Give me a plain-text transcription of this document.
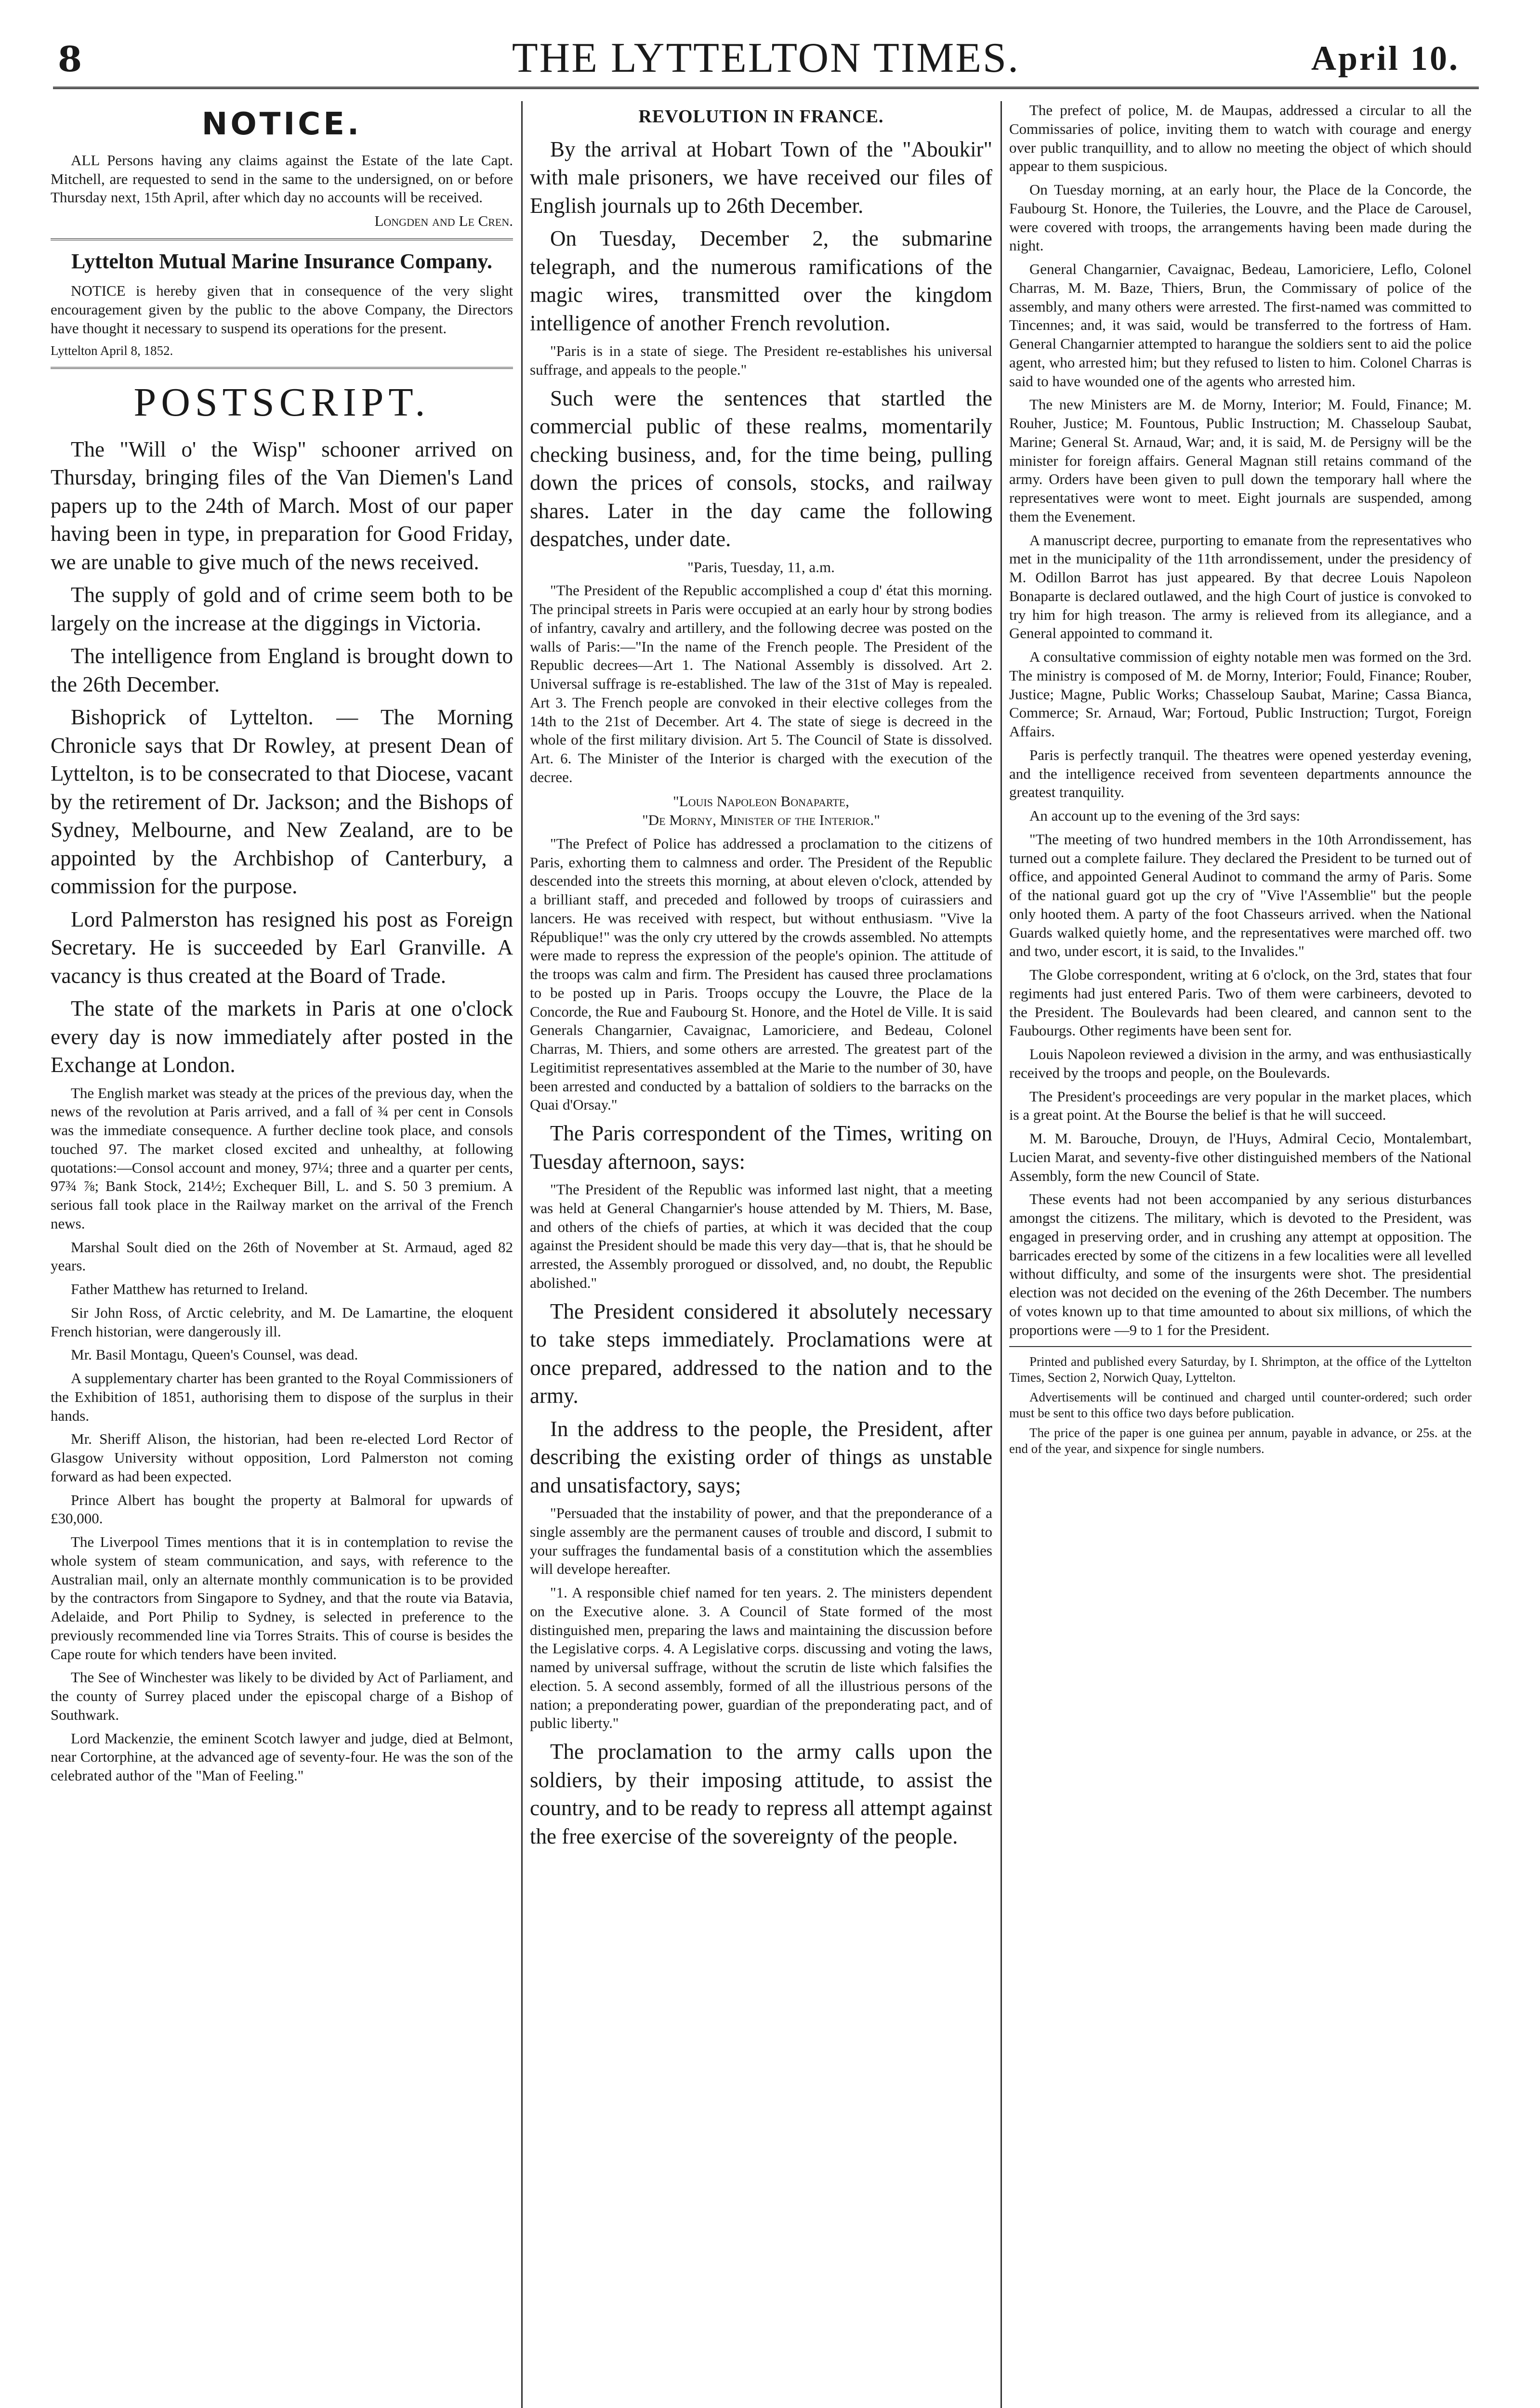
8	THE LYTTELTON TIMES.	April 10.
NOTICE.

ALL Persons having any claims against the Estate of the late Capt. Mitchell, are requested to send in the same to the undersigned, on or before Thursday next, 15th April, after which day no accounts will be received.

Longden and Le Cren.

Lyttelton Mutual Marine Insurance Company.

NOTICE is hereby given that in consequence of the very slight encouragement given by the public to the above Company, the Directors have thought it necessary to suspend its operations for the present.

Lyttelton April 8, 1852.

POSTSCRIPT.

The "Will o' the Wisp" schooner arrived on Thursday, bringing files of the Van Diemen's Land papers up to the 24th of March. Most of our paper having been in type, in preparation for Good Friday, we are unable to give much of the news received.

The supply of gold and of crime seem both to be largely on the increase at the diggings in Victoria.

The intelligence from England is brought down to the 26th December.

Bishoprick of Lyttelton. — The Morning Chronicle says that Dr Rowley, at present Dean of Lyttelton, is to be consecrated to that Diocese, vacant by the retirement of Dr. Jackson; and the Bishops of Sydney, Melbourne, and New Zealand, are to be appointed by the Archbishop of Canterbury, a commission for the purpose.

Lord Palmerston has resigned his post as Foreign Secretary. He is succeeded by Earl Granville. A vacancy is thus created at the Board of Trade.

The state of the markets in Paris at one o'clock every day is now immediately after posted in the Exchange at London.

The English market was steady at the prices of the previous day, when the news of the revolution at Paris arrived, and a fall of ¾ per cent in Consols was the immediate consequence. A further decline took place, and consols touched 97. The market closed excited and unhealthy, at following quotations:—Consol account and money, 97¼; three and a quarter per cents, 97¾ ⅞; Bank Stock, 214½; Exchequer Bill, L. and S. 50 3 premium. A serious fall took place in the Railway market on the arrival of the French news.

Marshal Soult died on the 26th of November at St. Armaud, aged 82 years.

Father Matthew has returned to Ireland.

Sir John Ross, of Arctic celebrity, and M. De Lamartine, the eloquent French historian, were dangerously ill.

Mr. Basil Montagu, Queen's Counsel, was dead.

A supplementary charter has been granted to the Royal Commissioners of the Exhibition of 1851, authorising them to dispose of the surplus in their hands.

Mr. Sheriff Alison, the historian, had been re-elected Lord Rector of Glasgow University without opposition, Lord Palmerston not coming forward as had been expected.

Prince Albert has bought the property at Balmoral for upwards of £30,000.

The Liverpool Times mentions that it is in contemplation to revise the whole system of steam communication, and says, with reference to the Australian mail, only an alternate monthly communication is to be provided by the contractors from Singapore to Sydney, and that the route via Batavia, Adelaide, and Port Philip to Sydney, is selected in preference to the previously recommended line via Torres Straits. This of course is besides the Cape route for which tenders have been invited.

The See of Winchester was likely to be divided by Act of Parliament, and the county of Surrey placed under the episcopal charge of a Bishop of Southwark.

Lord Mackenzie, the eminent Scotch lawyer and judge, died at Belmont, near Cortorphine, at the advanced age of seventy-four. He was the son of the celebrated author of the "Man of Feeling."

REVOLUTION IN FRANCE.

By the arrival at Hobart Town of the "Aboukir" with male prisoners, we have received our files of English journals up to 26th December.

On Tuesday, December 2, the submarine telegraph, and the numerous ramifications of the magic wires, transmitted over the kingdom intelligence of another French revolution.

"Paris is in a state of siege. The President re-establishes his universal suffrage, and appeals to the people."

Such were the sentences that startled the commercial public of these realms, momentarily checking business, and, for the time being, pulling down the prices of consols, stocks, and railway shares. Later in the day came the following despatches, under date.

"Paris, Tuesday, 11, a.m.

"The President of the Republic accomplished a coup d' état this morning. The principal streets in Paris were occupied at an early hour by strong bodies of infantry, cavalry and artillery, and the following decree was posted on the walls of Paris:—"In the name of the French people. The President of the Republic decrees—Art 1. The National Assembly is dissolved. Art 2. Universal suffrage is re-established. The law of the 31st of May is repealed. Art 3. The French people are convoked in their elective colleges from the 14th to the 21st of December. Art 4. The state of siege is decreed in the whole of the first military division. Art 5. The Council of State is dissolved. Art. 6. The Minister of the Interior is charged with the execution of the decree.

"Louis Napoleon Bonaparte,

"De Morny, Minister of the Interior."

"The Prefect of Police has addressed a proclamation to the citizens of Paris, exhorting them to calmness and order. The President of the Republic descended into the streets this morning, at about eleven o'clock, attended by a brilliant staff, and preceded and followed by troops of cuirassiers and lancers. He was received with respect, but without enthusiasm. "Vive la République!" was the only cry uttered by the crowds assembled. No attempts were made to repress the expression of the people's opinion. The attitude of the troops was calm and firm. The President has caused three proclamations to be posted up in Paris. Troops occupy the Louvre, the Place de la Concorde, the Rue and Faubourg St. Honore, and the Hotel de Ville. It is said Generals Changarnier, Cavaignac, Lamoriciere, and Bedeau, Colonel Charras, M. Thiers, and some others are arrested. The greatest part of the Legitimitist representatives assembled at the Marie to the number of 30, have been arrested and conducted by a battalion of soldiers to the barracks on the Quai d'Orsay."

The Paris correspondent of the Times, writing on Tuesday afternoon, says:

"The President of the Republic was informed last night, that a meeting was held at General Changarnier's house attended by M. Thiers, M. Base, and others of the chiefs of parties, at which it was decided that the coup against the President should be made this very day—that is, that he should be arrested, the Assembly prorogued or dissolved, and, no doubt, the Republic abolished."

The President considered it absolutely necessary to take steps immediately. Proclamations were at once prepared, addressed to the nation and to the army.

In the address to the people, the President, after describing the existing order of things as unstable and unsatisfactory, says;

"Persuaded that the instability of power, and that the preponderance of a single assembly are the permanent causes of trouble and discord, I submit to your suffrages the fundamental basis of a constitution which the assemblies will develope hereafter.

"1. A responsible chief named for ten years. 2. The ministers dependent on the Executive alone. 3. A Council of State formed of the most distinguished men, preparing the laws and maintaining the discussion before the Legislative corps. 4. A Legislative corps. discussing and voting the laws, named by universal suffrage, without the scrutin de liste which falsifies the election. 5. A second assembly, formed of all the illustrious persons of the nation; a preponderating power, guardian of the preponderating pact, and of public liberty."

The proclamation to the army calls upon the soldiers, by their imposing attitude, to assist the country, and to be ready to repress all attempt against the free exercise of the sovereignty of the people.

The prefect of police, M. de Maupas, addressed a circular to all the Commissaries of police, inviting them to watch with courage and energy over public tranquillity, and to allow no meeting the object of which should appear to them suspicious.

On Tuesday morning, at an early hour, the Place de la Concorde, the Faubourg St. Honore, the Tuileries, the Louvre, and the Place de Carousel, were covered with troops, the arrangements having been made during the night.

General Changarnier, Cavaignac, Bedeau, Lamoriciere, Leflo, Colonel Charras, M. M. Baze, Thiers, Brun, the Commissary of police of the assembly, and many others were arrested. The first-named was committed to Tincennes; and, it was said, would be transferred to the fortress of Ham. General Changarnier attempted to harangue the soldiers sent to aid the police agent, who arrested him; but they refused to listen to him. Colonel Charras is said to have wounded one of the agents who arrested him.

The new Ministers are M. de Morny, Interior; M. Fould, Finance; M. Rouher, Justice; M. Fountous, Public Instruction; M. Chasseloup Saubat, Marine; General St. Arnaud, War; and, it is said, M. de Persigny will be the minister for foreign affairs. General Magnan still retains command of the army. Orders have been given to pull down the temporary hall where the representatives were wont to meet. Eight journals are suspended, among them the Evenement.

A manuscript decree, purporting to emanate from the representatives who met in the municipality of the 11th arrondissement, under the presidency of M. Odillon Barrot has just appeared. By that decree Louis Napoleon Bonaparte is declared outlawed, and the high Court of justice is convoked to try him for high treason. The army is relieved from its allegiance, and a General appointed to command it.

A consultative commission of eighty notable men was formed on the 3rd. The ministry is composed of M. de Morny, Interior; Fould, Finance; Rouber, Justice; Magne, Public Works; Chasseloup Saubat, Marine; Cassa Bianca, Commerce; Sr. Arnaud, War; Fortoud, Public Instruction; Turgot, Foreign Affairs.

Paris is perfectly tranquil. The theatres were opened yesterday evening, and the intelligence received from seventeen departments announce the greatest tranquility.

An account up to the evening of the 3rd says:

"The meeting of two hundred members in the 10th Arrondissement, has turned out a complete failure. They declared the President to be turned out of office, and appointed General Audinot to command the army of Paris. Some of the national guard got up the cry of "Vive l'Assemblie" but the people only hooted them. A party of the foot Chasseurs arrived. when the National Guards walked quietly home, and the representatives were marched off. two and two, under escort, it is said, to the Invalides."

The Globe correspondent, writing at 6 o'clock, on the 3rd, states that four regiments had just entered Paris. Two of them were carbineers, devoted to the President. The Boulevards had been cleared, and cannon sent to the Faubourgs. Other regiments have been sent for.

Louis Napoleon reviewed a division in the army, and was enthusiastically received by the troops and people, on the Boulevards.

The President's proceedings are very popular in the market places, which is a great point. At the Bourse the belief is that he will succeed.

M. M. Barouche, Drouyn, de l'Huys, Admiral Cecio, Montalembart, Lucien Marat, and seventy-five other distinguished members of the National Assembly, form the new Council of State.

These events had not been accompanied by any serious disturbances amongst the citizens. The military, which is devoted to the President, was engaged in preserving order, and in crushing any attempt at opposition. The barricades erected by some of the citizens in a few localities were all levelled without difficulty, and some of the insurgents were shot. The presidential election was not decided on the evening of the 26th December. The numbers of votes known up to that time amounted to about six millions, of which the proportions were —9 to 1 for the President.

Printed and published every Saturday, by I. Shrimpton, at the office of the Lyttelton Times, Section 2, Norwich Quay, Lyttelton.

Advertisements will be continued and charged until counter-ordered; such order must be sent to this office two days before publication.

The price of the paper is one guinea per annum, payable in advance, or 25s. at the end of the year, and sixpence for single numbers.
